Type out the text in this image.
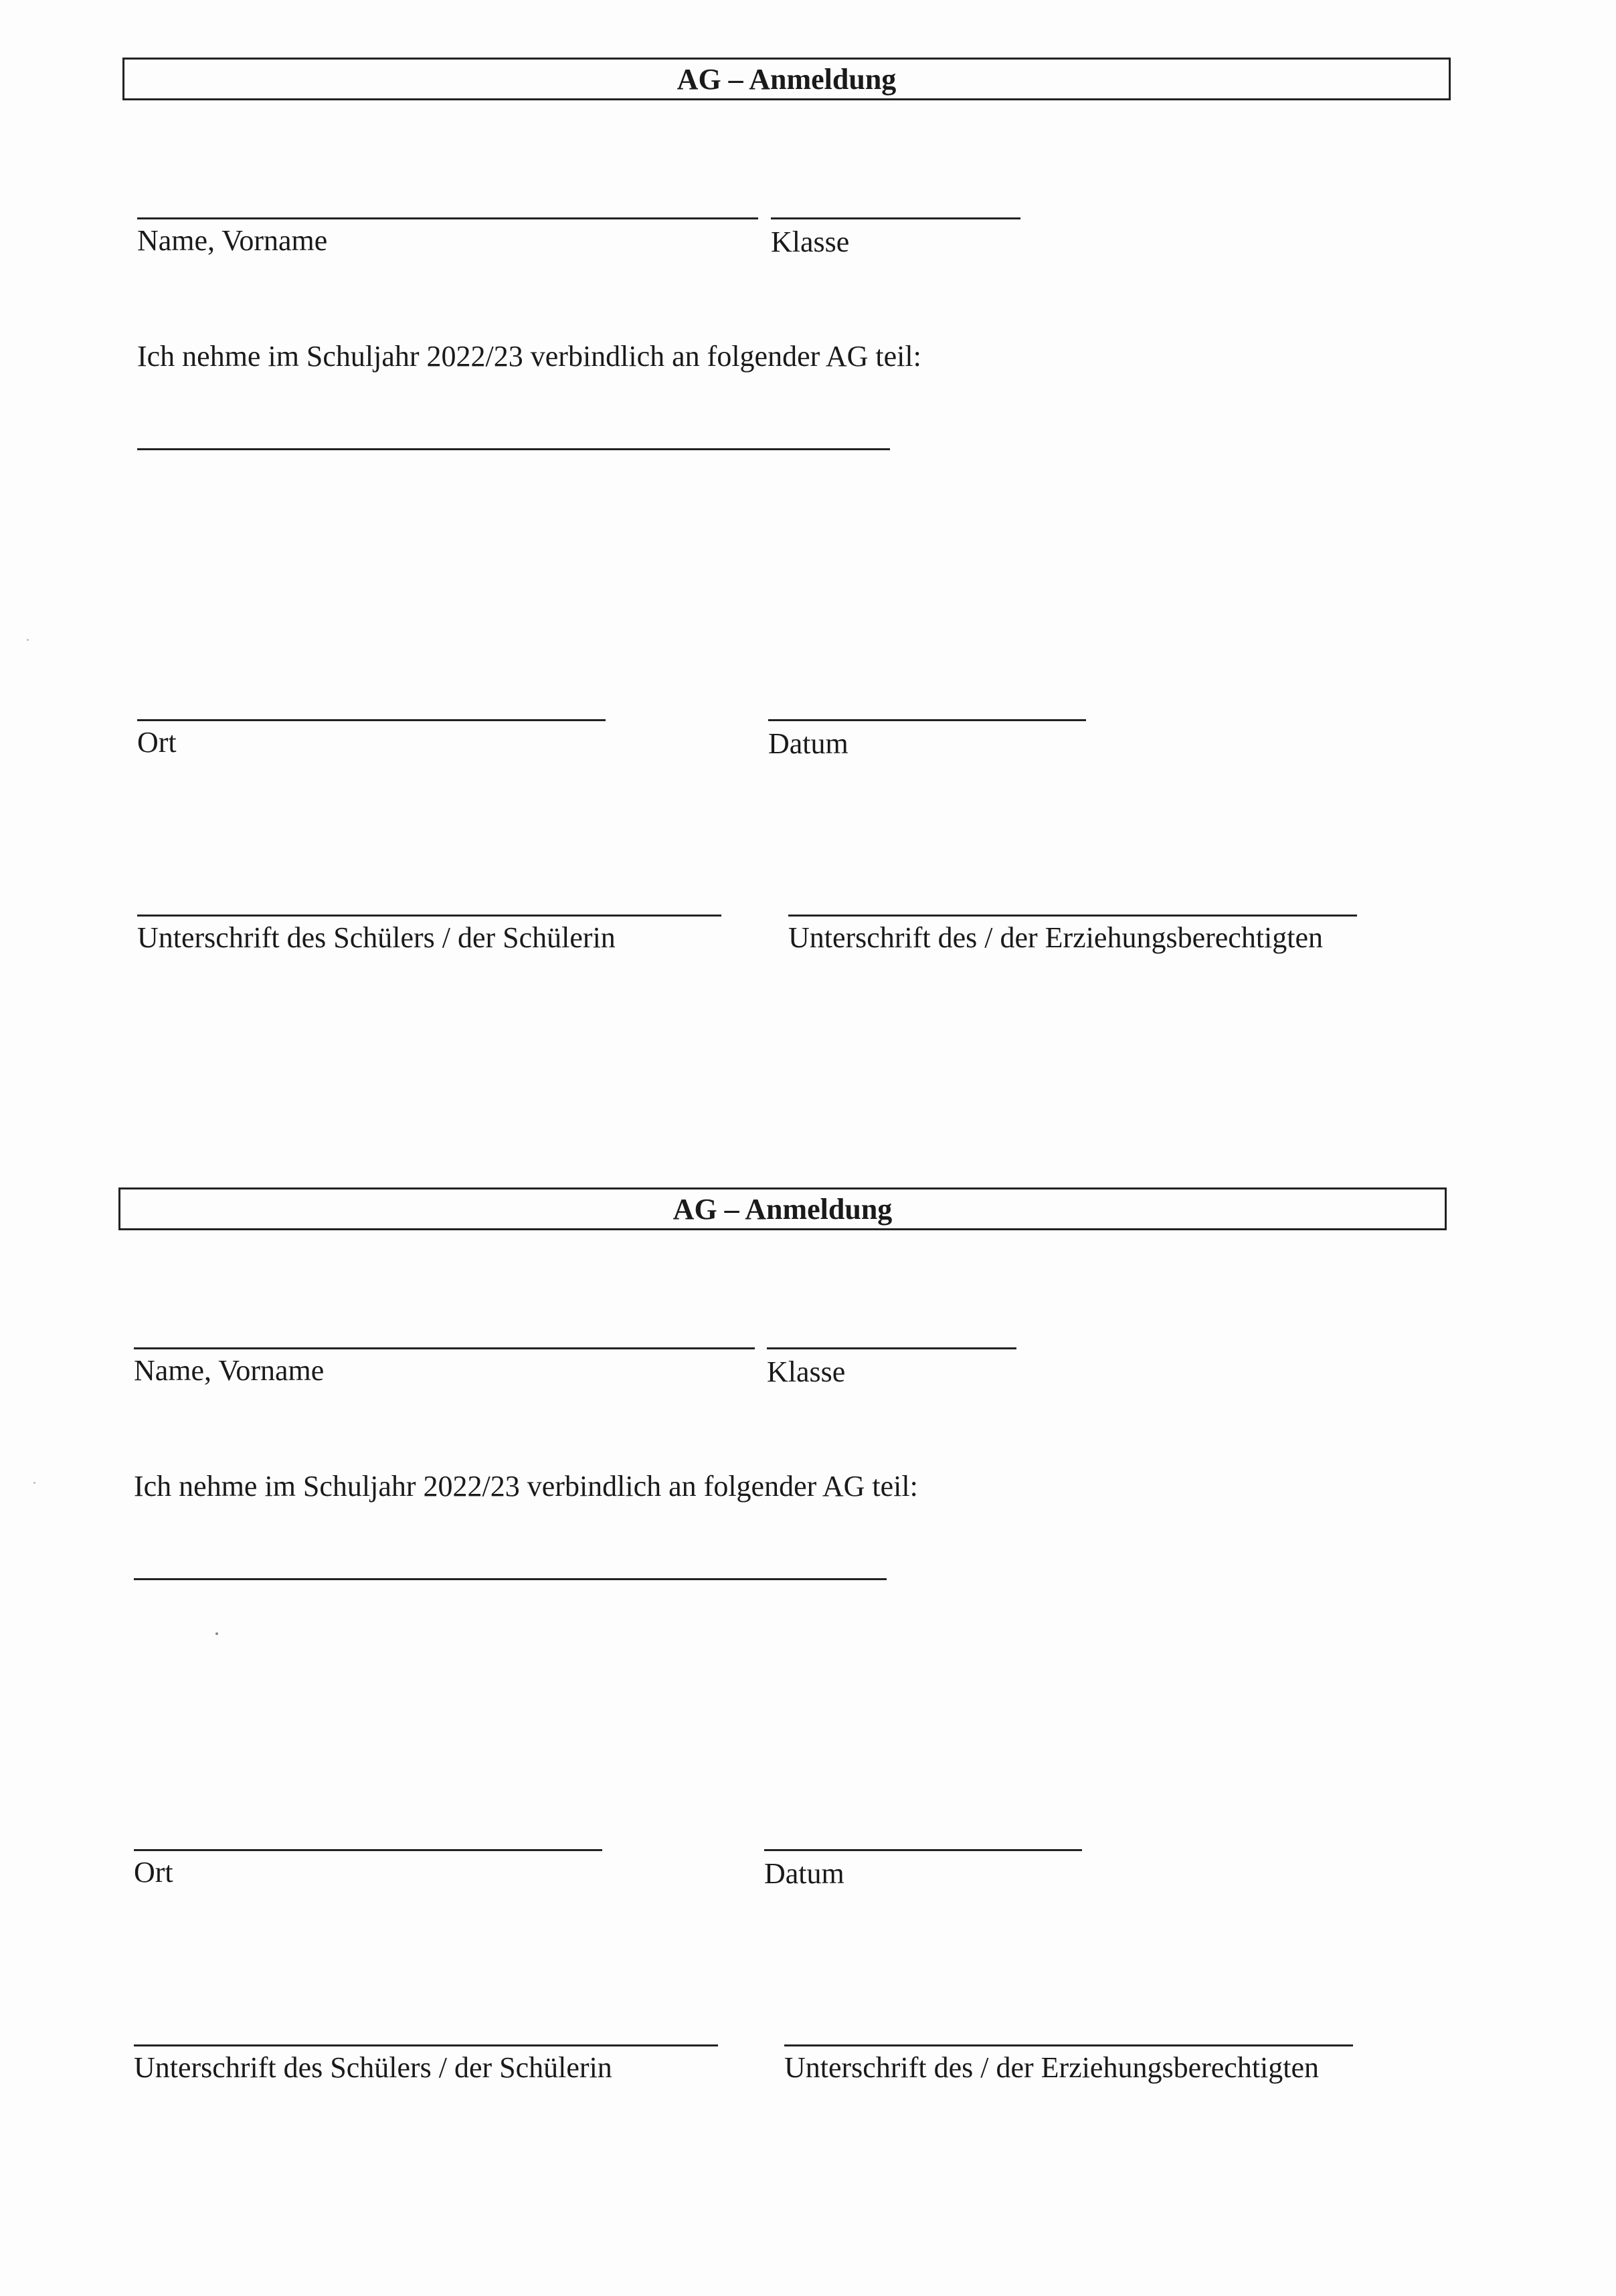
AG – Anmeldung
Name, Vorname	Klasse
Ich nehme im Schuljahr 2022/23 verbindlich an folgender AG teil:
Ort	Datum
Unterschrift des Schülers / der Schülerin	Unterschrift des / der Erziehungsberechtigten
AG – Anmeldung
Name, Vorname	Klasse
Ich nehme im Schuljahr 2022/23 verbindlich an folgender AG teil:
Ort	Datum
Unterschrift des Schülers / der Schülerin	Unterschrift des / der Erziehungsberechtigten
